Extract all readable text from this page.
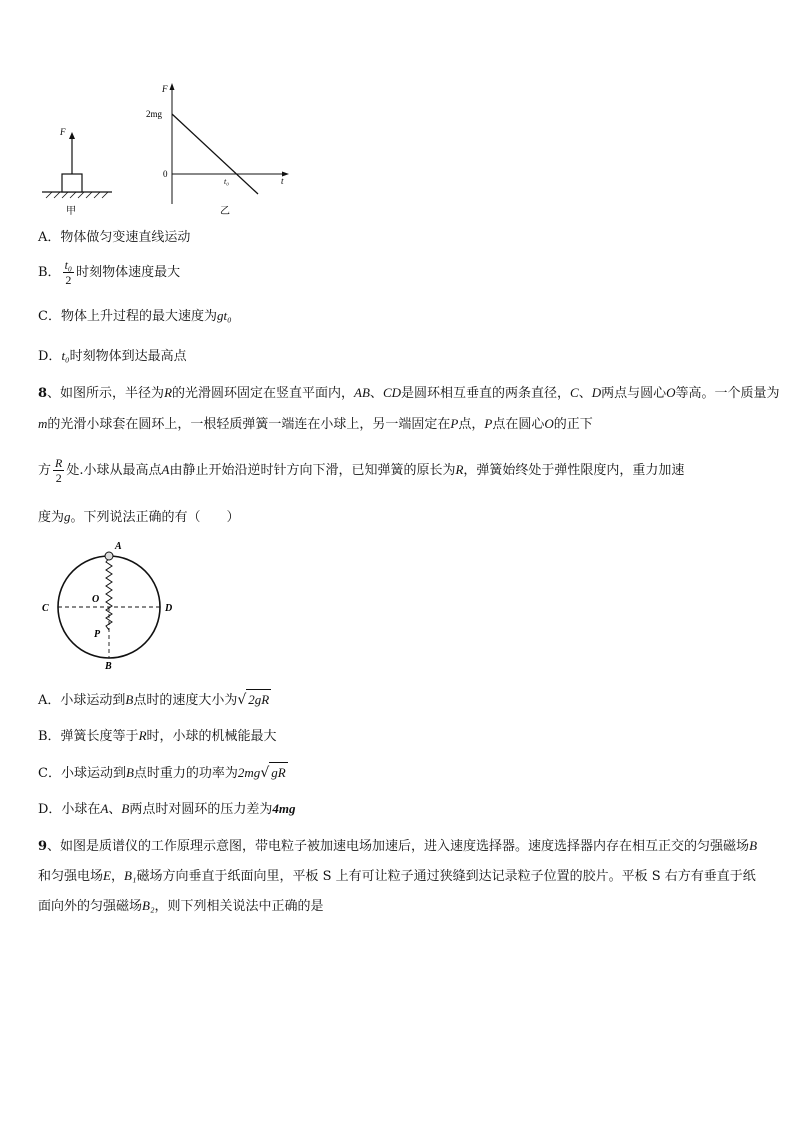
F
甲
F
2mg
0
t₀	t
乙
A．物体做匀变速直线运动
B． $\frac{\text{t₀}}{2}$ 时刻物体速度最大
C．物体上升过程的最大速度为gt₀
D．t₀时刻物体到达最高点
8、如图所示，半径为R的光滑圆环固定在竖直平面内，AB、CD是圆环相互垂直的两条直径，C、D两点与圆心O等高。一个质量为
m的光滑小球套在圆环上，一根轻质弹簧一端连在小球上，另一端固定在P点，P点在圆心O的正下
方 $\frac{R}{2}$ 处.小球从最高点A由静止开始沿逆时针方向下滑，已知弹簧的原长为R，弹簧始终处于弹性限度内，重力加速
度为g。下列说法正确的有（　　）
A
C	D
O
P
B
A．小球运动到B点时的速度大小为√ 2gR
B．弹簧长度等于R时，小球的机械能最大
C．小球运动到B点时重力的功率为2mg√ gR
D．小球在A、B两点时对圆环的压力差为4mg
9、如图是质谱仪的工作原理示意图，带电粒子被加速电场加速后，进入速度选择器。速度选择器内存在相互正交的匀强磁场B和匀强电场E，B₁磁场方向垂直于纸面向里，平板 S 上有可让粒子通过狭缝到达记录粒子位置的胶片。平板 S 右方有垂直于纸面向外的匀强磁场B₂，则下列相关说法中正确的是
